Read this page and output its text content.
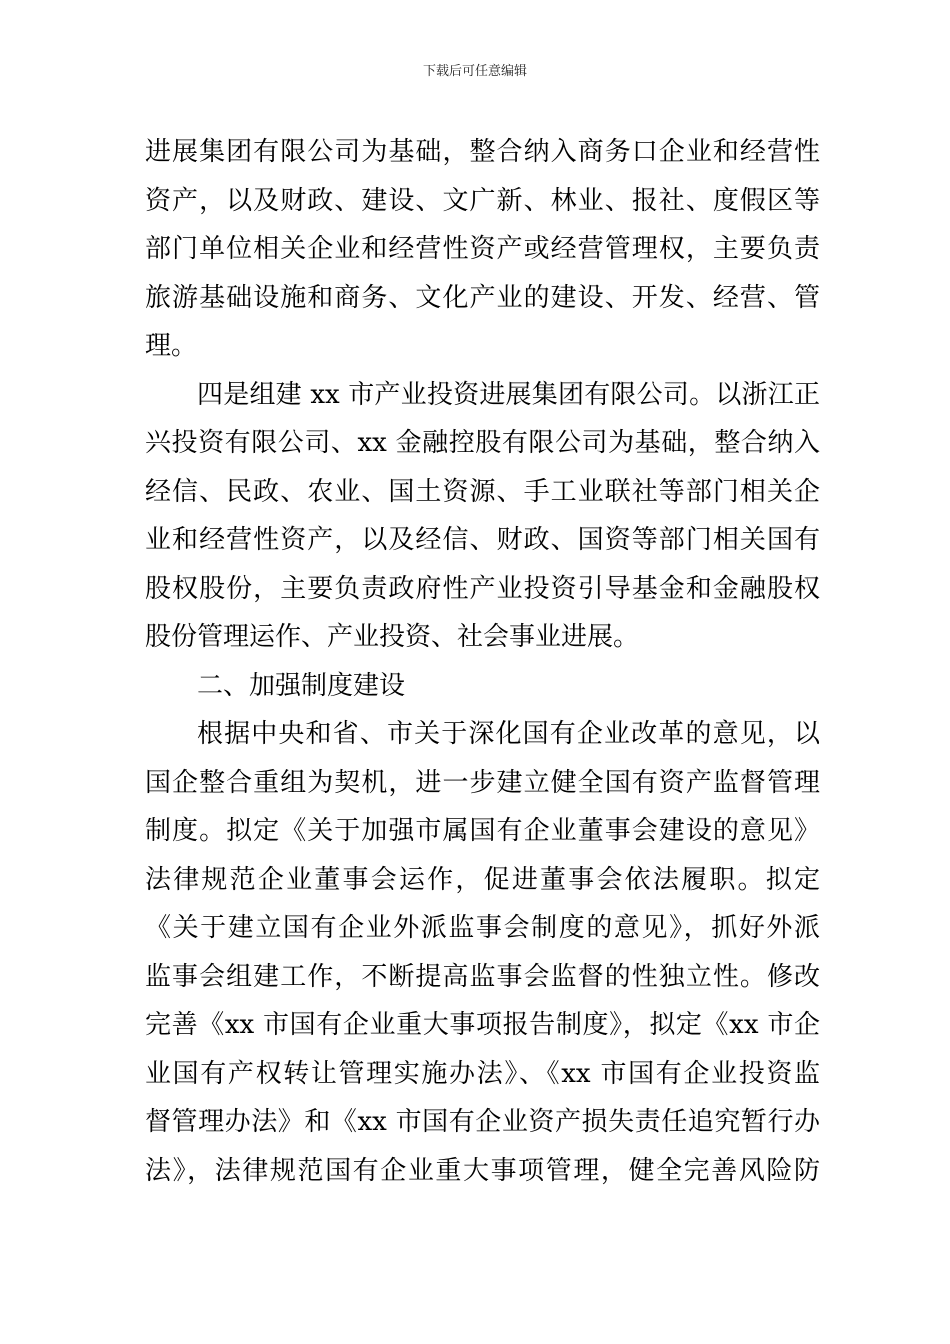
下载后可任意编辑
进展集团有限公司为基础，整合纳入商务口企业和经营性
资产，以及财政、建设、文广新、林业、报社、度假区等
部门单位相关企业和经营性资产或经营管理权，主要负责
旅游基础设施和商务、文化产业的建设、开发、经营、管
理。
四是组建 xx 市产业投资进展集团有限公司。以浙江正
兴投资有限公司、xx 金融控股有限公司为基础，整合纳入
经信、民政、农业、国土资源、手工业联社等部门相关企
业和经营性资产，以及经信、财政、国资等部门相关国有
股权股份，主要负责政府性产业投资引导基金和金融股权
股份管理运作、产业投资、社会事业进展。
二、加强制度建设
根据中央和省、市关于深化国有企业改革的意见，以
国企整合重组为契机，进一步建立健全国有资产监督管理
制度。拟定《关于加强市属国有企业董事会建设的意见》
法律规范企业董事会运作，促进董事会依法履职。拟定
《关于建立国有企业外派监事会制度的意见》，抓好外派
监事会组建工作，不断提高监事会监督的性独立性。修改
完善《xx 市国有企业重大事项报告制度》，拟定《xx 市企
业国有产权转让管理实施办法》、《xx 市国有企业投资监
督管理办法》和《xx 市国有企业资产损失责任追究暂行办
法》，法律规范国有企业重大事项管理，健全完善风险防
